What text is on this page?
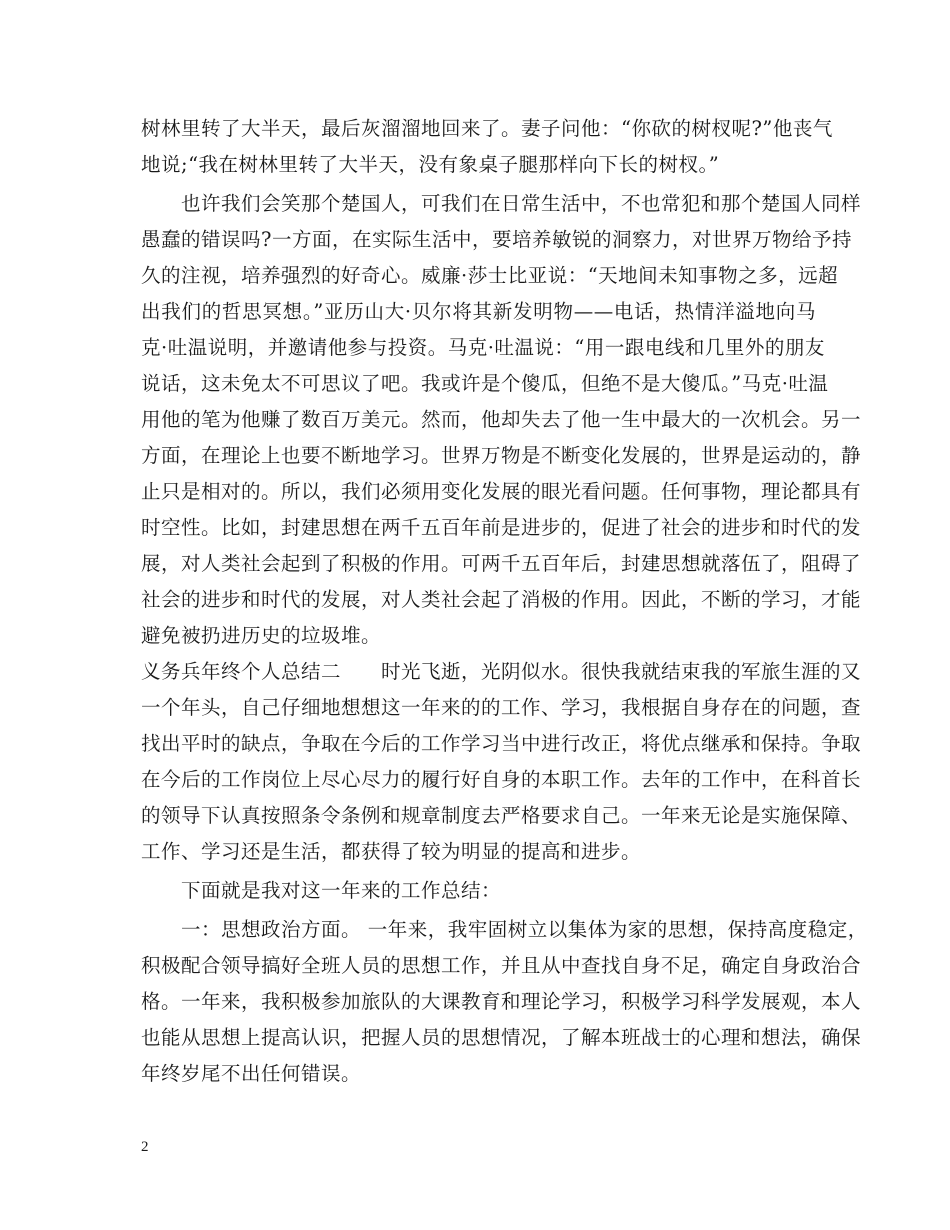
树林里转了大半天，最后灰溜溜地回来了。妻子问他：“你砍的树杈呢?”他丧气
地说;“我在树林里转了大半天，没有象桌子腿那样向下长的树杈。”
　　也许我们会笑那个楚国人，可我们在日常生活中，不也常犯和那个楚国人同样
愚蠢的错误吗?一方面，在实际生活中，要培养敏锐的洞察力，对世界万物给予持
久的注视，培养强烈的好奇心。威廉·莎士比亚说：“天地间未知事物之多，远超
出我们的哲思冥想。”亚历山大·贝尔将其新发明物——电话，热情洋溢地向马
克·吐温说明，并邀请他参与投资。马克·吐温说：“用一跟电线和几里外的朋友
说话，这未免太不可思议了吧。我或许是个傻瓜，但绝不是大傻瓜。”马克·吐温
用他的笔为他赚了数百万美元。然而，他却失去了他一生中最大的一次机会。另一
方面，在理论上也要不断地学习。世界万物是不断变化发展的，世界是运动的，静
止只是相对的。所以，我们必须用变化发展的眼光看问题。任何事物，理论都具有
时空性。比如，封建思想在两千五百年前是进步的，促进了社会的进步和时代的发
展，对人类社会起到了积极的作用。可两千五百年后，封建思想就落伍了，阻碍了
社会的进步和时代的发展，对人类社会起了消极的作用。因此，不断的学习，才能
避免被扔进历史的垃圾堆。
义务兵年终个人总结二　　时光飞逝，光阴似水。很快我就结束我的军旅生涯的又
一个年头，自己仔细地想想这一年来的的工作、学习，我根据自身存在的问题，查
找出平时的缺点，争取在今后的工作学习当中进行改正，将优点继承和保持。争取
在今后的工作岗位上尽心尽力的履行好自身的本职工作。去年的工作中，在科首长
的领导下认真按照条令条例和规章制度去严格要求自己。一年来无论是实施保障、
工作、学习还是生活，都获得了较为明显的提高和进步。
　　下面就是我对这一年来的工作总结：
　　一：思想政治方面。 一年来，我牢固树立以集体为家的思想，保持高度稳定，
积极配合领导搞好全班人员的思想工作，并且从中查找自身不足，确定自身政治合
格。一年来，我积极参加旅队的大课教育和理论学习，积极学习科学发展观，本人
也能从思想上提高认识，把握人员的思想情况，了解本班战士的心理和想法，确保
年终岁尾不出任何错误。
2
